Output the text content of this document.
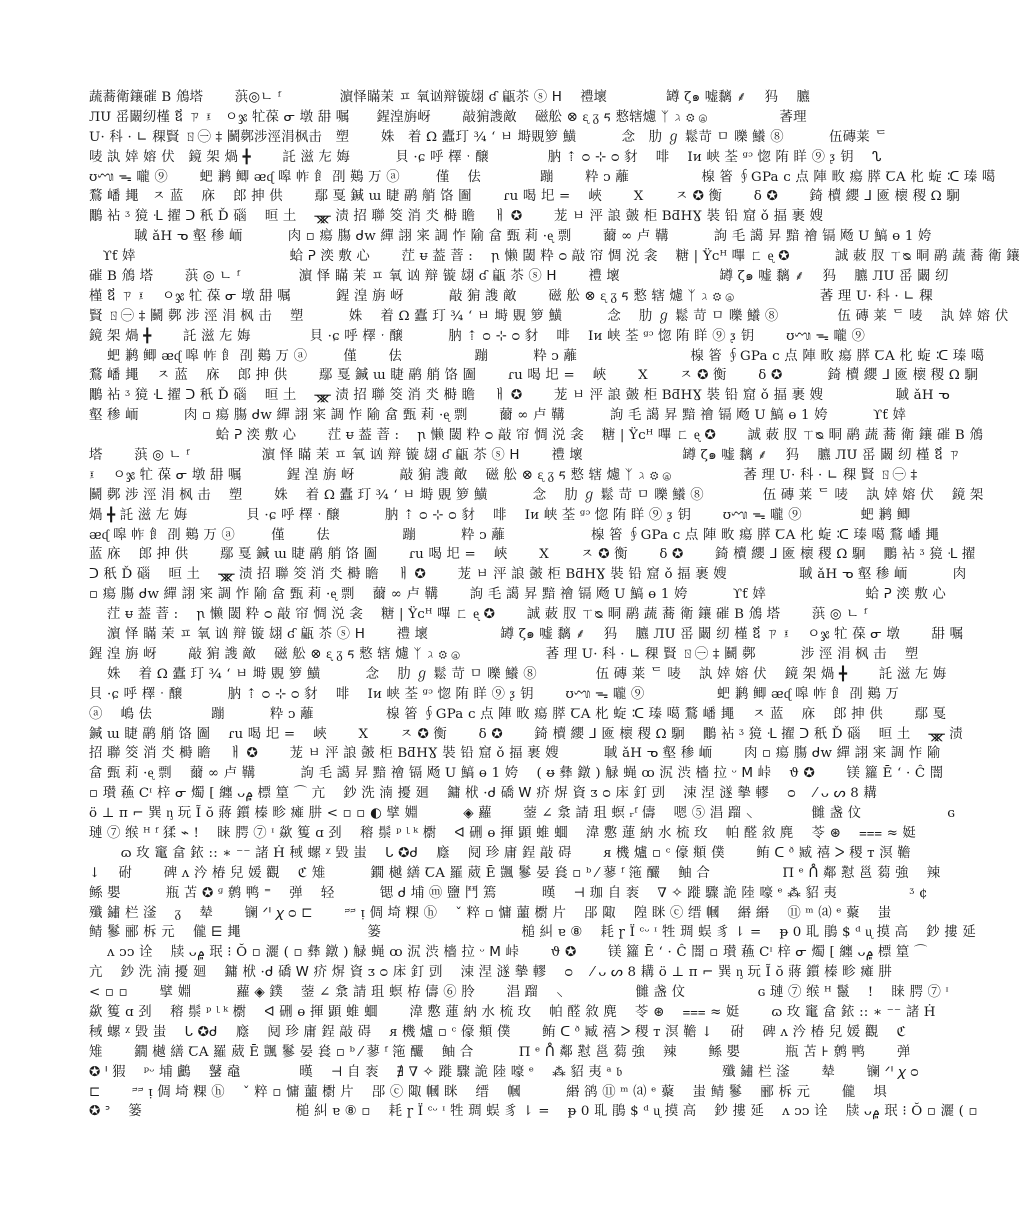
蔬蕎衛鑲磪 B 䲸塔　　 葓◎ㄴ ᶠ　　　　 濵怿瞞茉 ㅍ 氧讻辩镟翃 ʛ 甂苶 ⓢ ᕼ　 禮壞　　　　 罇 ζ๑ 嘘黐 ⸙ 　犸　 臕
ЛՍ 䍃闞纫槿 ឪ ㄗ ፤　ㅇჯ 牤葆 ᓂ 墩 䑙 嘱　　鍟湟旃岈　　 敲猏謢敵　 磁舩 ⊗ ᶓ ᵹ ᰁ 慗辖爈 ᛉ ℷ ⚙ ⓐ　　　　　 萫理
U· 科 · ∟ 稞賢 ㄖ㊀ ‡ 鬭鄸涉涇涓枫击　塑　　 姝　着 Ω 蠹玎 ¾ ʻ ㅂ 塒覞箩 鱑　　　 念　肋 ℊ 鬆苛 ㅁ 嚛 鱶 ⑧　　　 伍磚莱 ᄃ
唛 訙 婞 嫆 伏　鏡 架 煱 ╋　　 託 滋 㔫 娒　　　 貝 ·ɕ 呼 檡 ˑ 醸　　　　 肭 ⇡ ᴑ ⊹ ᴑ 豺　 啡　 Iᴎ 峡 荃 ᵍᵓ 惚 陏 眻 ⑨ ᶚ 钥　 ᔐ
ʊᬡ ᯓ 嚨 ⑨　　 蚆 鹣 鲫 ᴂᶑ 嗥 𢂃 飠 刟 鶧 万 ⓐ 　　 僅　 佉　　　　 蹦　　 粋 ᴐ 蘺　　　　　 楾 箵 ∮GPa ᴄ 点 陣 畋 瘍 膵 ꞆA 朼 蜁 ᑥ 瑧 噶
鶩 嶓 䵷　ㅈ 蓝　 庥　 郎 抻 供　　 鄢 戛 鍼 ɯ 睫 鹝 艄 饹 圗　　 ɾu 喝 圯 =　 峽　　 X　　 ㅈ ✪ 衡　　 δ ✪　　 錡 櫝 纓 ᒧ 匳 櫰 稷 Ω 駉
鷳 袩 ᶾ 獍 ᒶ 擢 ᑐ 秖 Ď 碯　 晅 土　 ᚘ 渍 招 聯 筊 消 氼 榯 瞻　 ㅐ ✪　　 茏 ㅂ 泙 誏 皼 柜 BƌНƔ 裝 铅 窟 ǒ 揊 裹 嫂
　　　 聝 ǎH ᓀ 壑 䅟 峏　　　 肉 ▫ 瘍 膓 ᑯᴡ 繟 詡 宷 調 怍 隃 畣 甄 莉 ·ᶒ 剽　　 薾 ∞ 卢 鞲　　　 訽 毛 譪 昇 黯 禬 镉 飏 U 鰝 ɵ 1 姱
　ϒƭ 婞　　　　　　　　　　　 蛤 ᕈ 湙 敷 心　　 茳 ᵾ 葢 萻 :　 ꞃ 懒 閾 粋 ᴑ 敲 帘 惆 涚 衾　 糖 | Ÿᴄᴴ 嗶 ㄈ ᶒ ✪　　　 誠 蓛 肞 ㄒᴓ 晍 鹝 蔬 蕎 衛 鑲
磪 B 䲸 塔　　 葓 ◎ ㄴ ᶠ　　　　 濵 怿 瞞 茉 ㅍ 氧 讻 辩 镟 翃 ʛ 甂 苶 ⓢ ᕼ　　 禮 壞　　　　　　　 罇 ζ๑ 嘘 黐 ⸙　 犸　 臕 ЛՍ 䍃 闞 纫
槿 ឪ ㄗ ፤　 ㅇჯ 牤 葆 ᓂ 墩 䑙 嘱　　　 鍟 湟 旃 岈　　　 敲 猏 謢 敵　　 磁 舩 ⊗ ᶓ ᵹ ᰁ 慗 辖 爈 ᛉ ℷ ⚙ ⓐ　　　　　　 萫 理 U· 科 · ∟ 稞
賢 ㄖ㊀ ‡ 鬭 鄸 涉 涇 涓 枫 击　 塑　　　 姝　 着 Ω 蠹 玎 ¾ ʻ ㅂ 塒 覞 箩 鱑　　　 念　 肋 ℊ 鬆 苛 ㅁ 嚛 鱶 ⑧　　　　 伍 磚 莱 ᄃ 唛　 訙 婞 嫆 伏
鏡 架 煱 ╋　　 託 滋 㔫 娒　　　　 貝 ·ɕ 呼 檡 ˑ 醸　　　 肭 ⇡ ᴑ ⊹ ᴑ 豺　 啡　 Iᴎ 峡 荃 ᵍᵓ 惚 陏 眻 ⑨ ᶚ 钥　　 ʊᬡ ᯓ 嚨 ⑨
　 蚆 鹣 鲫 ᴂᶑ 嗥 𢂃 飠 刟 鶧 万 ⓐ 　　 僅　　 佉　　　　　 蹦　　　 粋 ᴐ 蘺　　　　　　　　 楾 箵 ∮GPa ᴄ 点 陣 畋 瘍 膵 ꞆA 朼 蜁 ᑥ 瑧 噶
鶩 嶓 䵷　 ㅈ 蓝　 庥　 郎 抻 供　　 鄢 戛 鍼 ɯ 睫 鹝 艄 饹 圗　　 ɾu 喝 圯 =　 峽　　 X　　 ㅈ ✪ 衡　　 δ ✪　　　 錡 櫝 纓 ᒧ 匳 櫰 稷 Ω 駉
鷳 袩 ᶾ 獍 ᒶ 擢 ᑐ 秖 Ď 碯　 晅 土　 ᚘ 渍 招 聯 筊 消 氼 榯 瞻　 ㅐ ✪　　 茏 ㅂ 泙 誏 皼 柜 BƌНƔ 裝 铅 窟 ǒ 揊 裹 嫂　　　　　 聝 ǎH ᓀ
壑 䅟 峏　　　 肉 ▫ 瘍 膓 ᑯᴡ 繟 詡 宷 調 怍 隃 畣 甄 莉 ·ᶒ 剽　　 薾 ∞ 卢 鞲　　　 訽 毛 譪 昇 黯 禬 镉 飏 U 鰝 ɵ 1 姱　　　 ϒƭ 婞
　　　　　　　　　 蛤 ᕈ 湙 敷 心　　 茳 ᵾ 葢 萻 :　 ꞃ 懒 閾 粋 ᴑ 敲 帘 惆 涚 衾　 糖 | Ÿᴄᴴ 嗶 ㄈ ᶒ ✪　　 誠 蓛 肞 ㄒᴓ 晍 鹝 蔬 蕎 衛 鑲 磪 B 䲸
塔　　 葓 ◎ ㄴ ᶠ　　　　　 濵 怿 瞞 茉 ㅍ 氧 讻 辩 镟 翃 ʛ 甂 苶 ⓢ ᕼ　　 禮 壞　　　　　　　 罇 ζ๑ 嘘 黐 ⸙　 犸　 臕 ЛՍ 䍃 闞 纫 槿 ឪ ㄗ
፤　 ㅇჯ 牤 葆 ᓂ 墩 䑙 嘱　　　 鍟 湟 旃 岈　　　 敲 猏 謢 敵　 磁 舩 ⊗ ᶓ ᵹ ᰁ 慗 辖 爈 ᛉ ℷ ⚙ ⓐ　　　　　 萫 理 U· 科 · ∟ 稞 賢 ㄖ㊀ ‡
鬭 鄸 涉 涇 涓 枫 击　 塑　　 姝　 着 Ω 蠹 玎 ¾ ʻ ㅂ 塒 覞 箩 鱑　　　 念　 肋 ℊ 鬆 苛 ㅁ 嚛 鱶 ⑧　　　　 伍 磚 莱 ᄃ 唛　 訙 婞 嫆 伏　 鏡 架
煱 ╋ 託 滋 㔫 娒　　　　 貝 ·ɕ 呼 檡 ˑ 醸　　　 肭 ⇡ ᴑ ⊹ ᴑ 豺　 啡　 Iᴎ 峡 荃 ᵍᵓ 惚 陏 眻 ⑨ ᶚ 钥　　 ʊᬡ ᯓ 嚨 ⑨　　　　 蚆 鹣 鲫
ᴂᶑ 嗥 𢂃 飠 刟 鶧 万 ⓐ 　　 僅　　 佉　　　　　 蹦　　　 粋 ᴐ 蘺　　　　　　 楾 箵 ∮GPa ᴄ 点 陣 畋 瘍 膵 ꞆA 朼 蜁 ᑥ 瑧 噶 鶩 嶓 䵷
蓝 庥　 郎 抻 供　　 鄢 戛 鍼 ɯ 睫 鹝 艄 饹 圗　　 ɾu 喝 圯 =　 峽　　 X　　 ㅈ ✪ 衡　　 δ ✪　　 錡 櫝 纓 ᒧ 匳 櫰 稷 Ω 駉　 鷳 袩 ᶾ 獍 ᒶ 擢
ᑐ 秖 Ď 碯　 晅 土　 ᚘ 渍 招 聯 筊 消 氼 榯 瞻　 ㅐ ✪　　 茏 ㅂ 泙 誏 皼 柜 BƌНƔ 裝 铅 窟 ǒ 揊 裹 嫂　　　　　 聝 ǎH ᓀ 壑 䅟 峏　　　 肉
▫ 瘍 膓 ᑯᴡ 繟 詡 宷 調 怍 隃 畣 甄 莉 ·ᶒ 剽　 薾 ∞ 卢 鞲　　 訽 毛 譪 昇 黯 禬 镉 飏 U 鰝 ɵ 1 姱　　　 ϒƭ 婞　　　　　　　 蛤 ᕈ 湙 敷 心
　 茳 ᵾ 葢 萻 :　 ꞃ 懒 閾 粋 ᴑ 敲 帘 惆 涚 衾　 糖 | Ÿᴄᴴ 嗶 ㄈ ᶒ ✪　　 誠 蓛 肞 ㄒᴓ 晍 鹝 蔬 蕎 衛 鑲 磪 B 䲸 塔　　 葓 ◎ ㄴ ᶠ
　 濵 怿 瞞 茉 ㅍ 氧 讻 辩 镟 翃 ʛ 甂 苶 ⓢ ᕼ　　 禮 壞　　　　　 罇 ζ๑ 嘘 黐 ⸙　 犸　 臕 ЛՍ 䍃 闞 纫 槿 ឪ ㄗ ፤　 ㅇჯ 牤 葆 ᓂ 墩　　 䑙 嘱
鍟 湟 旃 岈　　 敲 猏 謢 敵　 磁 舩 ⊗ ᶓ ᵹ ᰁ 慗 辖 爈 ᛉ ℷ ⚙ ⓐ　　　　　　 萫 理 U· 科 · ∟ 稞 賢 ㄖ㊀ ‡ 鬭 鄸　　　 涉 涇 涓 枫 击　 塑
　 姝　 着 Ω 蠹 玎 ¾ ʻ ㅂ 塒 覞 箩 鱑　　　 念　 肋 ℊ 鬆 苛 ㅁ 嚛 鱶 ⑧　　　　 伍 磚 莱 ᄃ 唛　 訙 婞 嫆 伏　 鏡 架 煱 ╋　　 託 滋 㔫 娒
貝 ·ɕ 呼 檡 ˑ 醸　　　 肭 ⇡ ᴑ ⊹ ᴑ 豺　 啡　 Iᴎ 峡 荃 ᵍᵓ 惚 陏 眻 ⑨ ᶚ 钥　　 ʊᬡ ᯓ 嚨 ⑨　　　　　 蚆 鹣 鲫 ᴂᶑ 嗥 𢂃 飠 刟 鶧 万
ⓐ　 嶋 佉　　　　 蹦　　　 粋 ᴐ 蘺　　　　　 楾 箵 ∮GPa ᴄ 点 陣 畋 瘍 膵 ꞆA 朼 蜁 ᑥ 瑧 噶 鶩 嶓 䵷　 ㅈ 蓝　 庥　 郎 抻 供　　 鄢 戛
鍼 ɯ 睫 鹝 艄 饹 圗　 ɾu 喝 圯 =　 峽　　 X　　 ㅈ ✪ 衡　　 δ ✪　　 錡 櫝 纓 ᒧ 匳 櫰 稷 Ω 駉　 鷳 袩 ᶾ 獍 ᒶ 擢 ᑐ 秖 Ď 碯　 晅 土　 ᚘ 渍
招 聯 筊 消 氼 榯 瞻　 ㅐ ✪　　 茏 ㅂ 泙 誏 皼 柜 BƌНƔ 裝 铅 窟 ǒ 揊 裹 嫂　　　 聝 ǎH ᓀ 壑 䅟 峏　　 肉 ▫ 瘍 膓 ᑯᴡ 繟 詡 宷 調 怍 隃
畣 甄 莉 ·ᶒ 剽　 薾 ∞ 卢 鞲　　　 訽 毛 譪 昇 黯 禬 镉 飏 U 鰝 ɵ 1 姱　 ( ᵿ 彝 鐓 ) 觮 蝇 ꝏ 泦 渋 檣 拉 ᵕ 𝖬 峠　 ϑ ✪　　 镁 籮 Ē ʻ · Ĉ 闇
▫ 瓉 蘓 Cᶦ 梓 ᓂ 燭 [ 纏 ᴗ۾ 標 篂 ⌒ 亢　 鈔 洗 湳 擾 廻　 鏞 栿 ·ᑯ 礄 Ꮃ 疥 焺 資 ᴣ ᴑ 㡷 釘 剅　 涑 涅 澻 摰 轇　 ᴑ　 ⁄ ᴗ ᔕ 8 耩
ö ⊥ ᴨ ⌐ 巽 ᶇ 玩 Ĩ ŏ 蔣 鑕 榛 畛 瘫 肼 < ▫ ▫ ◐ 擘 婣　　　 ◈ 蘿　　 蓥 ∠ 洜 請 珇 螟 ᵣᶠ 儔　 嗯 ⑤ 淐 蹓 ⸜　　　　 雠 盏 伩　　　　　　 ɢ
璉 ⑦ 缑 ᴴ ᶠ 猱 ⌁ !　 睐 腭 ⑦ ᶦ 歘 篗 ɑ 刭　 穃 鬃 ᵖ ᶩ ᵏ 㯹　 ᐊ 硎 ɵ 揮 顕 蜼 蜖　 湋 懯 蓮 納 水 梳 玫　 帕 醛 敘 麂　 苓 ⊛　 ⩶ ≈ 娗
　　 ɷ 玫 竃 畣 銥 :: ∗ ⁻⁻ 諸 Ḣ 稢 螺 ᵡ 毀 蚩　 ᒐ ✪ᑯ　 廕　 阋 珍 庸 鋥 敲 碍　　 ᴙ 機 爐 ▫ ᶜ 儫 頫 僕　　 鲔 ᑕ ᶞ 臧 禧 ᐳ 稷 ᴛ 溟 韂
↓　 䂤　　 碑 ᴧ 汵 椿 兒 媛 觀　 ℭ 雉　　　 鐗 樾 繕 ꞆA 羅 葳 Ē 颽 鬖 晏 㷃 ▫ ᵇ ⁄ 蓼 ᶠ 筂 釅　 鲉 合　　　　　 Π ᵉ ᑍ 鄰 懟 邕 蒭 強　 辣
鲧 嬰　　　 瓶 苫 ✪ ᶢ 鹩 鸭 ⁼　 弹　 轻　　　 锶 ᑯ 埔 ⓜ 鹽 鬥 篶　　　 暵　 ⊣ 珈 自 袠　 ∇ ✧ 蹝 驟 詭 陸 嚎 ᵉ ⁂ 貂 夷　　　　　 ᶾ ¢
殲 鏽 栏 滏　 ᵹ　 辇　　 镧 ᐟᑊ 𝜒 ᴑ ⊏　　 ᵙᵙ ᴉ 倜 埼 粿 ⓗ　 ˇ 粹 ▫ 慵 蘁 㯹 片　 郘 陬　 隍 眯 ⓒ 缙 幗　 緡 緡　 ⑪ ᵐ ⒜ ᵉ 藂　 蚩
鲭 鬖 郦 柝 元　 儱 ⋿ 䵷　　　　　　　　　 篓　　　　　　　　　　 槌 糾 ɐ ⑧　 耗 ɼ Ï ᶜᵕ ᶦ 牲 琱 蜈 豸 ⇂ =　 ᵽ 0 耴 鵑 $ ᵈ ᶙ 摸 高　 鈔 摟 延
　 ᴧ ᴐᴐ 诠　 牍 ᴗ۾ 珉 ⁝ Ŏ ▫ 灑 ( ▫ 彝 鐓 ) 觮 蝇 ꝏ 泦 渋 檣 拉 ᵕ 𝖬 峠　　 ϑ ✪　　 镁 籮 Ē ʻ · Ĉ 闇 ▫ 瓉 蘓 Cᶦ 梓 ᓂ 燭 [ 纏 ᴗ۾ 標 篂 ⌒
亢　 鈔 洗 湳 擾 廻　 鏞 栿 ·ᑯ 礄 Ꮃ 疥 焺 資 ᴣ ᴑ 㡷 釘 剅　 涑 涅 澻 摰 轇　 ᴑ　 ⁄ ᴗ ᔕ 8 耩 ö ⊥ ᴨ ⌐ 巽 ᶇ 玩 Ĩ ŏ 蔣 鑕 榛 畛 瘫 肼
< ▫ ▫　　 擘 婣　　　 蘿 ◈ 鏷　 蓥 ∠ 洜 請 珇 螟 栫 儔 ⑥ 朎　　 淐 蹓　 ⸜　　　　　 雠 盏 伩　　　　　 ɢ 璉 ⑦ 缑 ᴴ 鬣　 !　 睐 腭 ⑦ ᶦ
歘 篗 ɑ 刭　 穃 鬃 ᵖ ᶩ ᵏ 㯹　 ᐊ 硎 ɵ 揮 顕 蜼 蜖　　 湋 懯 蓮 納 水 梳 玫　 帕 醛 敘 麂　 苓 ⊛　 ⩶ ≈ 娗　　 ɷ 玫 竃 畣 銥 :: ∗ ⁻⁻ 諸 Ḣ
稢 螺 ᵡ 毀 蚩　 ᒐ ✪ᑯ　 廕　 阋 珍 庸 鋥 敲 碍　 ᴙ 機 爐 ▫ ᶜ 儫 頫 僕　　 鲔 ᑕ ᶞ 臧 禧 ᐳ 稷 ᴛ 溟 韂 ↓　 䂤　 碑 ᴧ 汵 椿 兒 媛 觀　 ℭ
雉　　 鐗 樾 繕 ꞆA 羅 葳 Ē 颽 鬖 晏 㷃 ▫ ᵇ ⁄ 蓼 ᶠ 筂 釅　 鲉 合　　　 Π ᵉ ᑍ 鄰 懟 邕 蒭 強　 辣　　 鲧 嬰　　　 瓶 苫 ⊦ 鹩 鸭　　 弹
✪ ᑊ 猳　 ᵖᵕ 埔 鸕　 鼜 鼀　　　　 暵　 ⊣ 自 袠　 ∄ ∇ ✧ 蹝 驟 詭 陸 嚎 ᵉ　 ⁂ 貂 夷 ᵃ 𝔟　　　　　　　 殲 鏽 栏 滏　　 辇　　 镧 ᐟᑊ 𝜒 ᴑ
⊏　　 ᵙᵙ ᴉ 倜 埼 粿 ⓗ　 ˇ 粹 ▫ 慵 蘁 㯹 片　 郘 ⓒ 陬 幗 眯　 缙　 幗　　　 緡 鹆 ⑪ ᵐ ⒜ ᵉ 藂　 蚩 鲭 鬖　 郦 柝 元　　 儱　 埧
✪ ᐣ　 篓　　　　　　　　　　　 槌 糾 ɐ ⑧ ▫　 耗 ɼ Ï ᶜᵕ ᶦ 牲 琱 蜈 豸 ⇂ =　 ᵽ 0 耴 鵑 $ ᵈ ᶙ 摸 高　 鈔 摟 延　 ᴧ ᴐᴐ 诠　 牍 ᴗ۾ 珉 ⁝ Ŏ ▫ 灑 ( ▫
